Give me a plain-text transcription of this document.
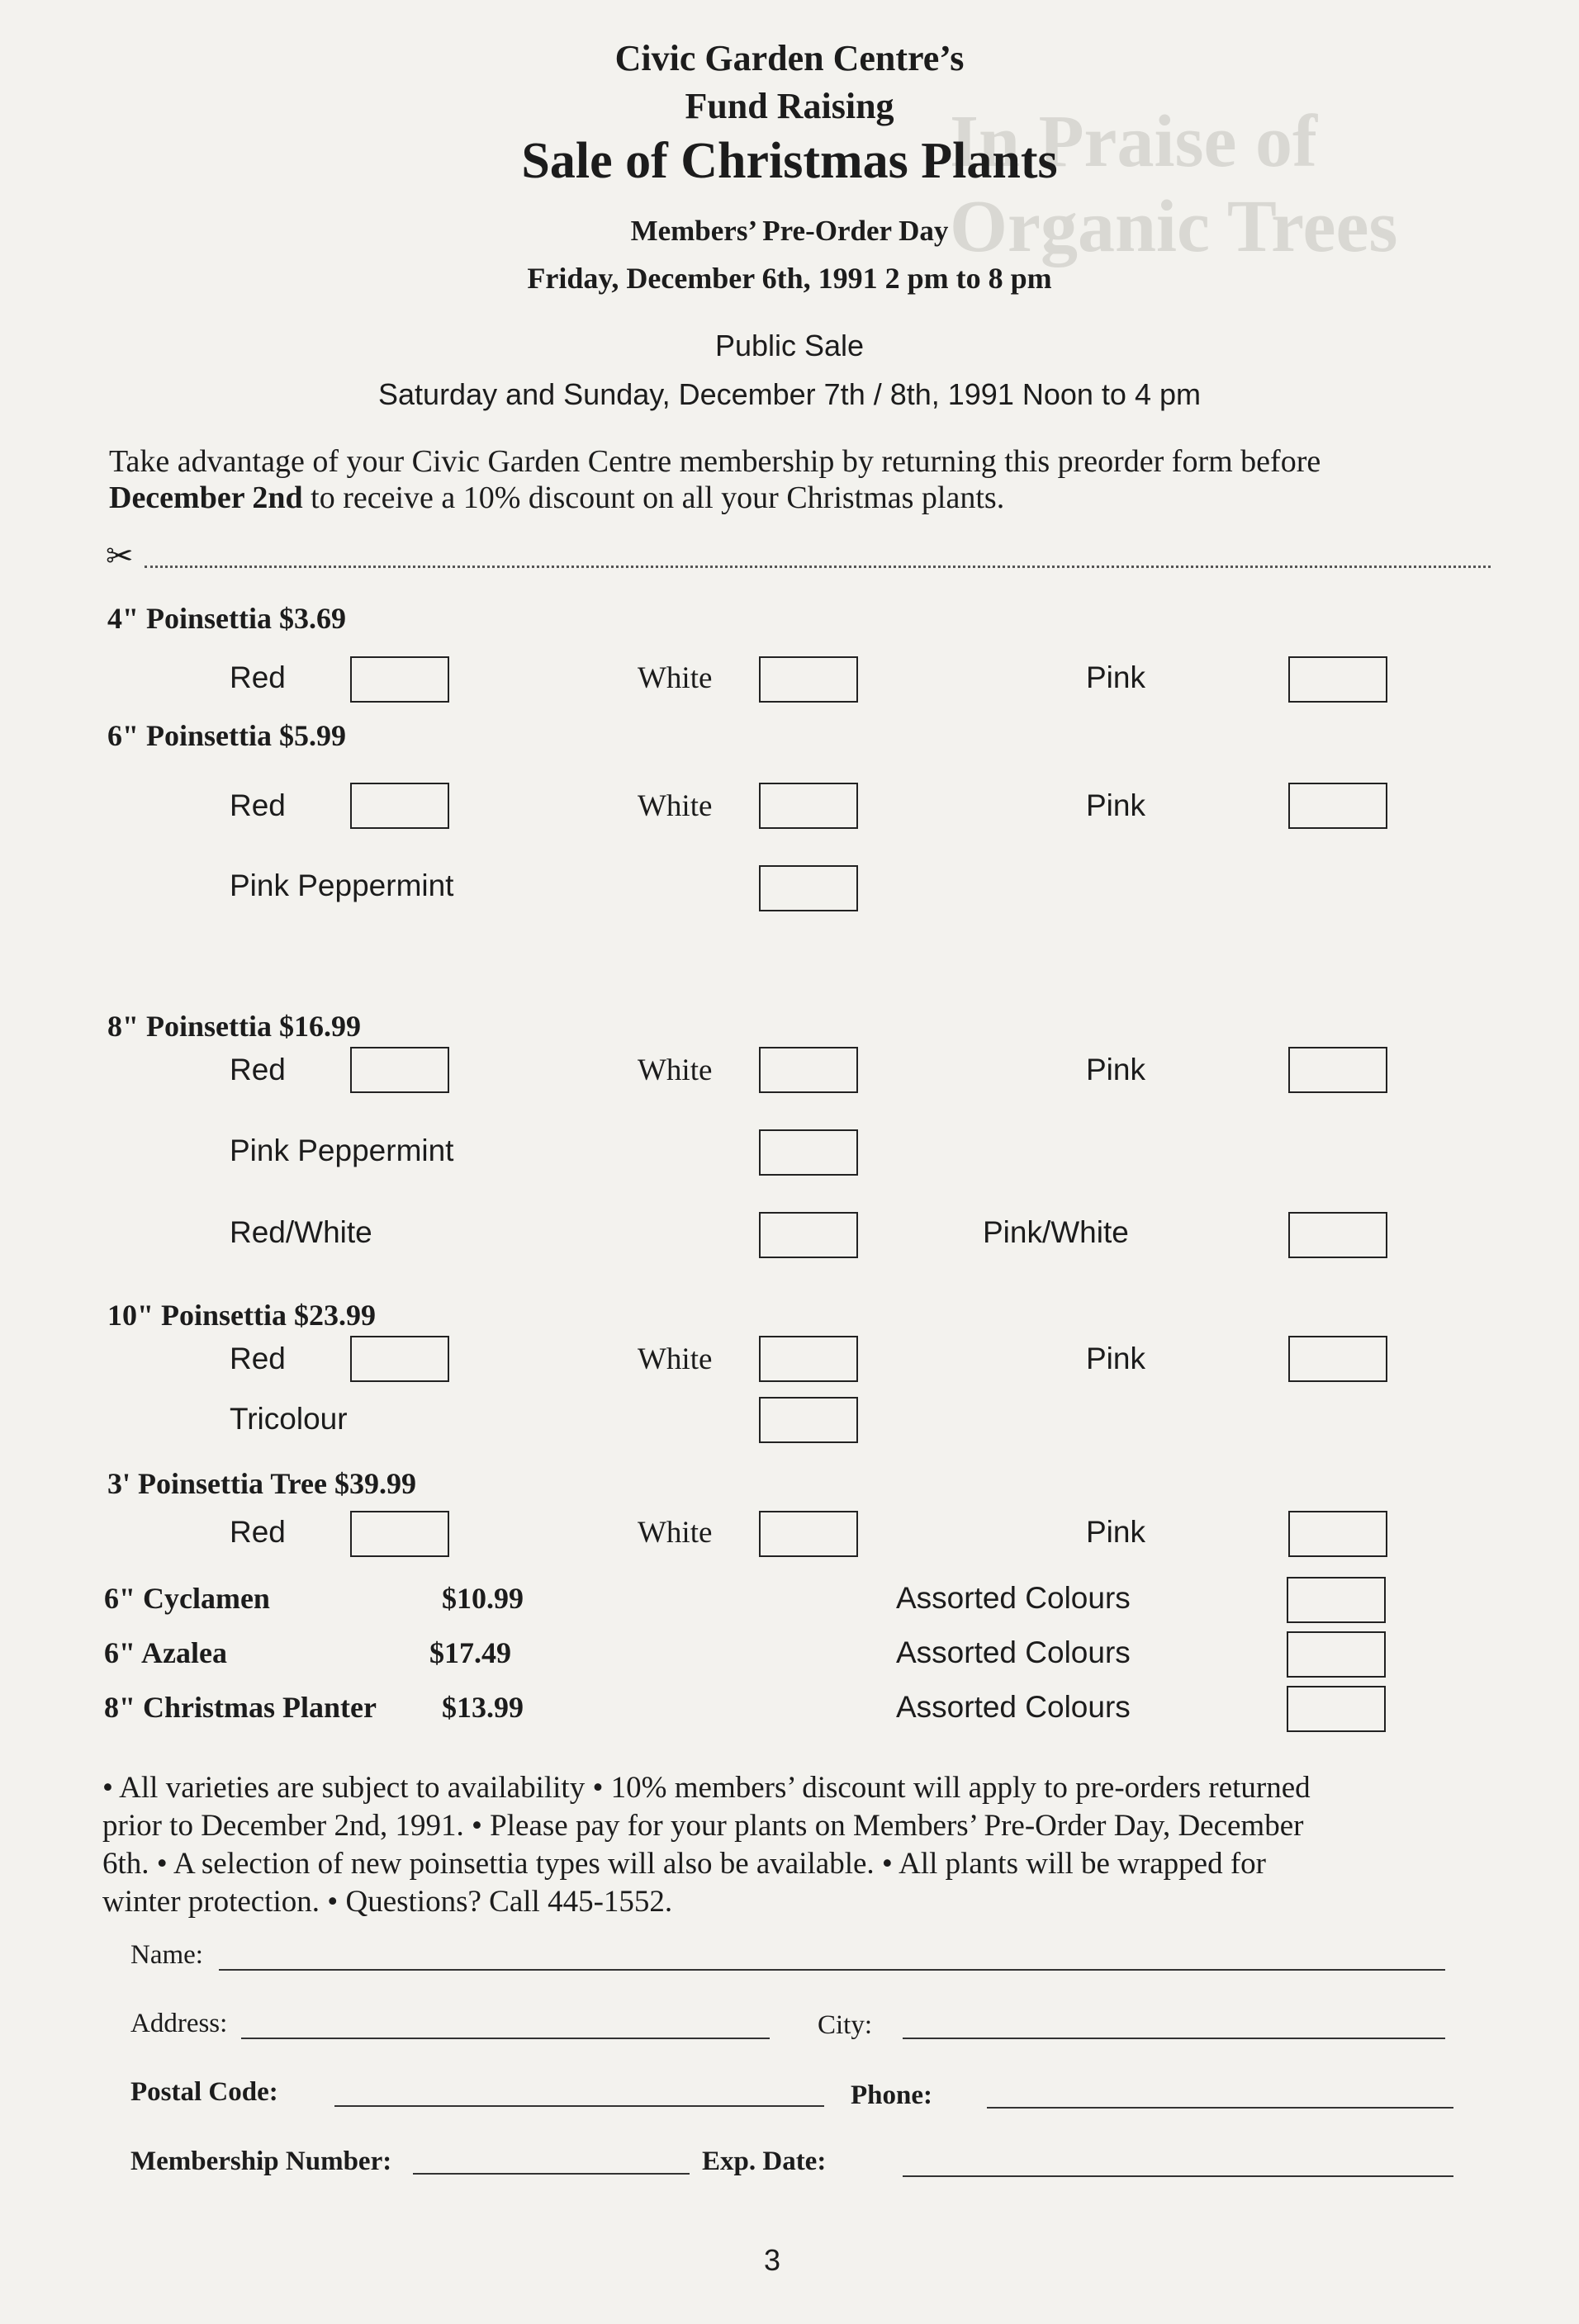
In Praise of Organic Trees
Civic Garden Centre’s
Fund Raising
Sale of Christmas Plants
Members’ Pre-Order Day
Friday, December 6th, 1991 2 pm to 8 pm
Public Sale
Saturday and Sunday, December 7th / 8th, 1991 Noon to 4 pm
Take advantage of your Civic Garden Centre membership by returning this preorder form before
December 2nd to receive a 10% discount on all your Christmas plants.
✂
4" Poinsettia $3.69
Red	White	Pink
6" Poinsettia $5.99
Red	White	Pink
Pink Peppermint
8" Poinsettia $16.99
Red	White	Pink
Pink Peppermint
Red/White	Pink/White
10" Poinsettia $23.99
Red	White	Pink
Tricolour
3' Poinsettia Tree $39.99
Red	White	Pink
6" Cyclamen	$10.99	Assorted Colours
6" Azalea	$17.49	Assorted Colours
8" Christmas Planter $13.99	Assorted Colours
• All varieties are subject to availability • 10% members’ discount will apply to pre-orders returned
prior to December 2nd, 1991. • Please pay for your plants on Members’ Pre-Order Day, December
6th. • A selection of new poinsettia types will also be available. • All plants will be wrapped for
winter protection. • Questions? Call 445-1552.
Name:
Address:	City:
Postal Code:	Phone:
Membership Number:	Exp. Date:
3
